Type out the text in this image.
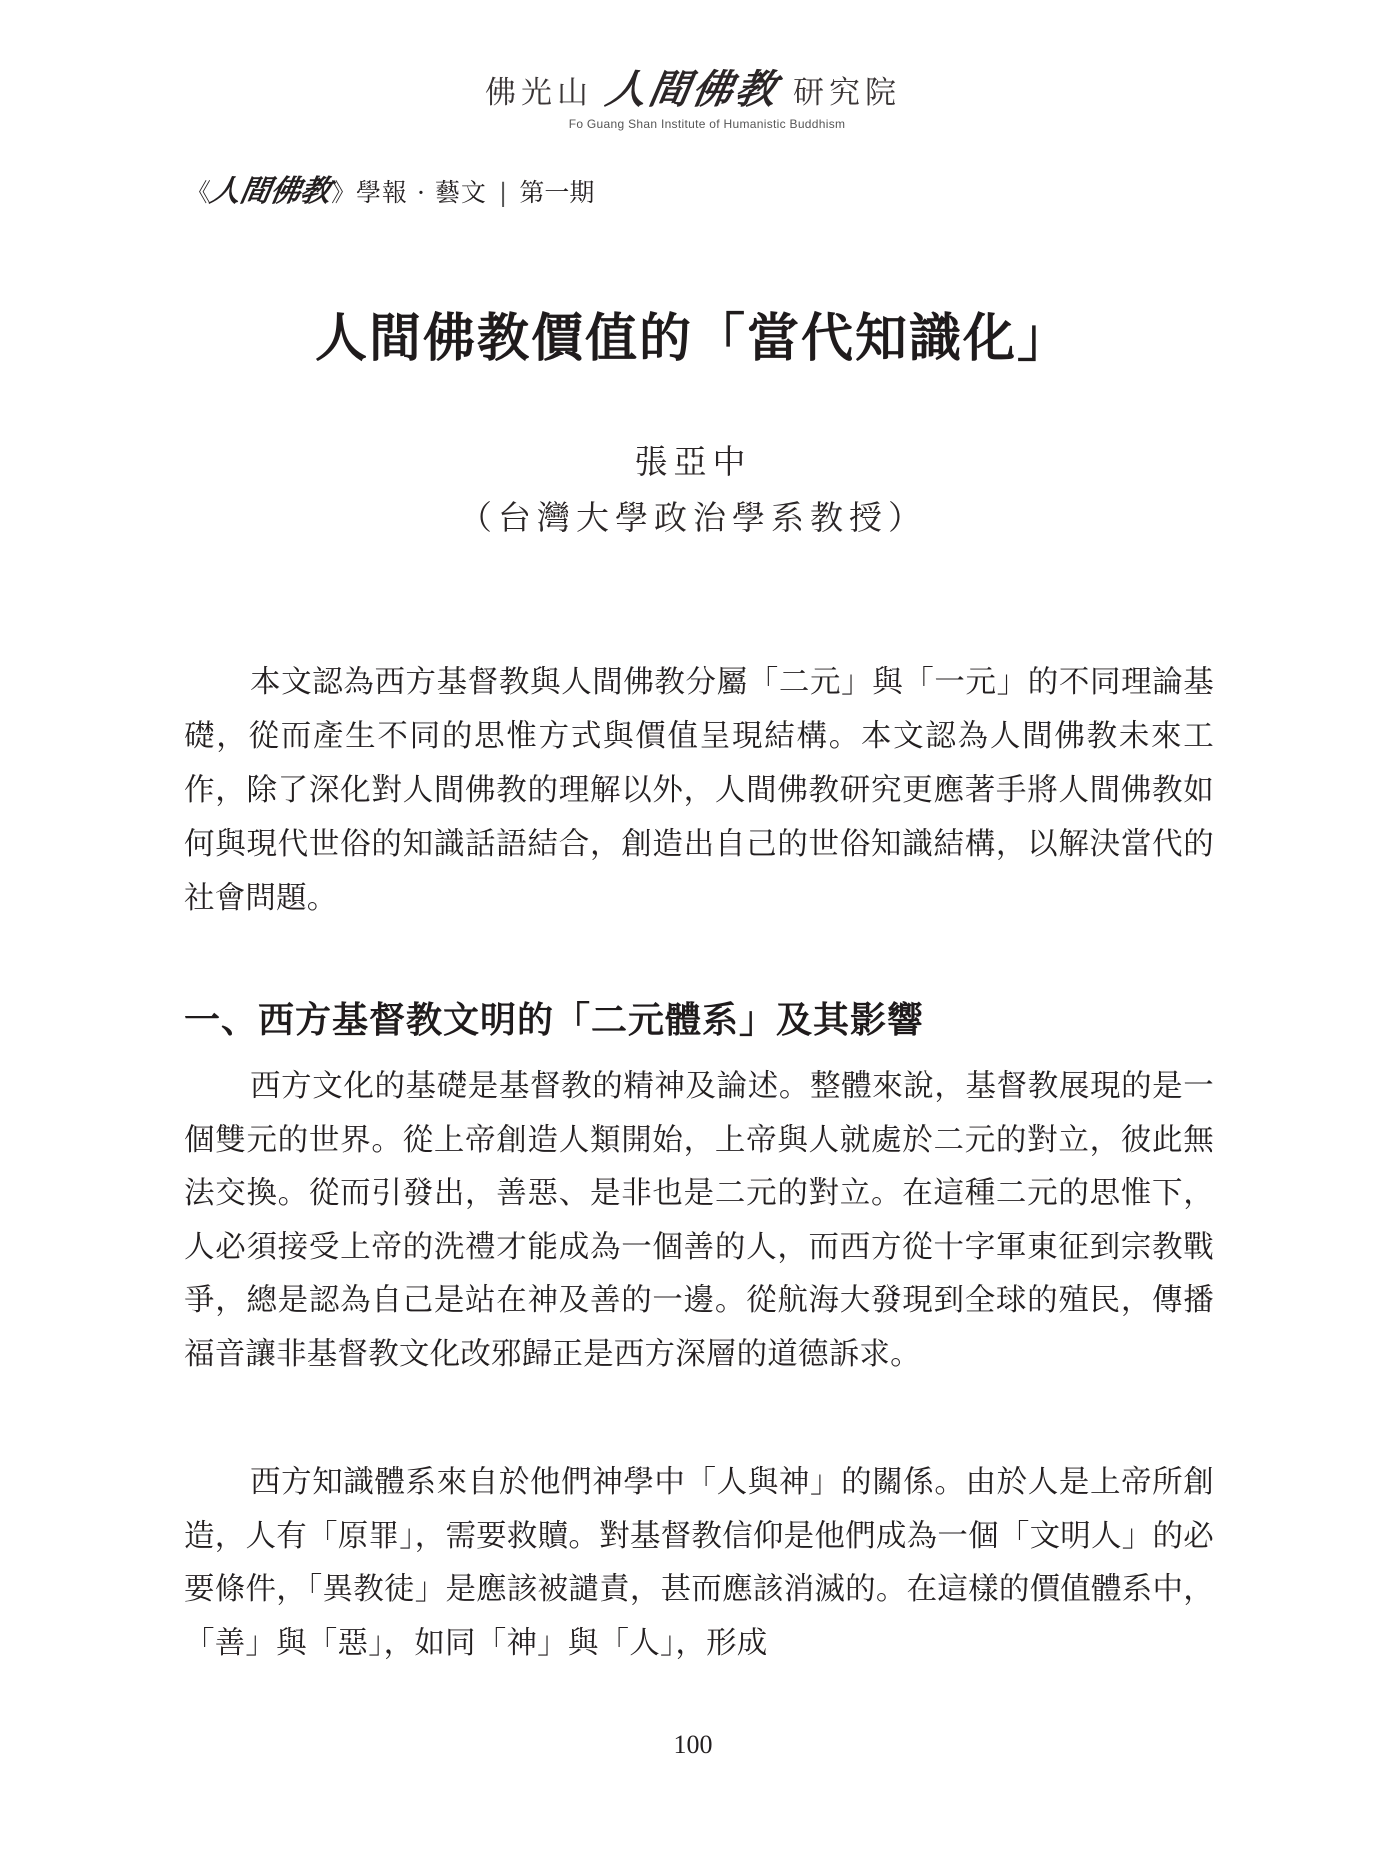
佛光山 人間佛教 研究院
Fo Guang Shan Institute of Humanistic Buddhism
《
人間佛教
》 學報 · 藝文 | 第一期
人間佛教價值的「當代知識化」
張亞中
（台灣大學政治學系教授）

本文認為西方基督教與人間佛教分屬「二元」與「一元」的不同理論基礎，從而產生不同的思惟方式與價值呈現結構。本文認為人間佛教未來工作，除了深化對人間佛教的理解以外，人間佛教研究更應著手將人間佛教如何與現代世俗的知識話語結合，創造出自己的世俗知識結構，以解決當代的社會問題。

一、西方基督教文明的「二元體系」及其影響

西方文化的基礎是基督教的精神及論述。整體來說，基督教展現的是一個雙元的世界。從上帝創造人類開始，上帝與人就處於二元的對立，彼此無法交換。從而引發出，善惡、是非也是二元的對立。在這種二元的思惟下，人必須接受上帝的洗禮才能成為一個善的人，而西方從十字軍東征到宗教戰爭，總是認為自己是站在神及善的一邊。從航海大發現到全球的殖民，傳播福音讓非基督教文化改邪歸正是西方深層的道德訴求。

西方知識體系來自於他們神學中「人與神」的關係。由於人是上帝所創造，人有「原罪」，需要救贖。對基督教信仰是他們成為一個「文明人」的必要條件，「異教徒」是應該被譴責，甚而應該消滅的。在這樣的價值體系中，「善」與「惡」，如同「神」與「人」，形成

100
